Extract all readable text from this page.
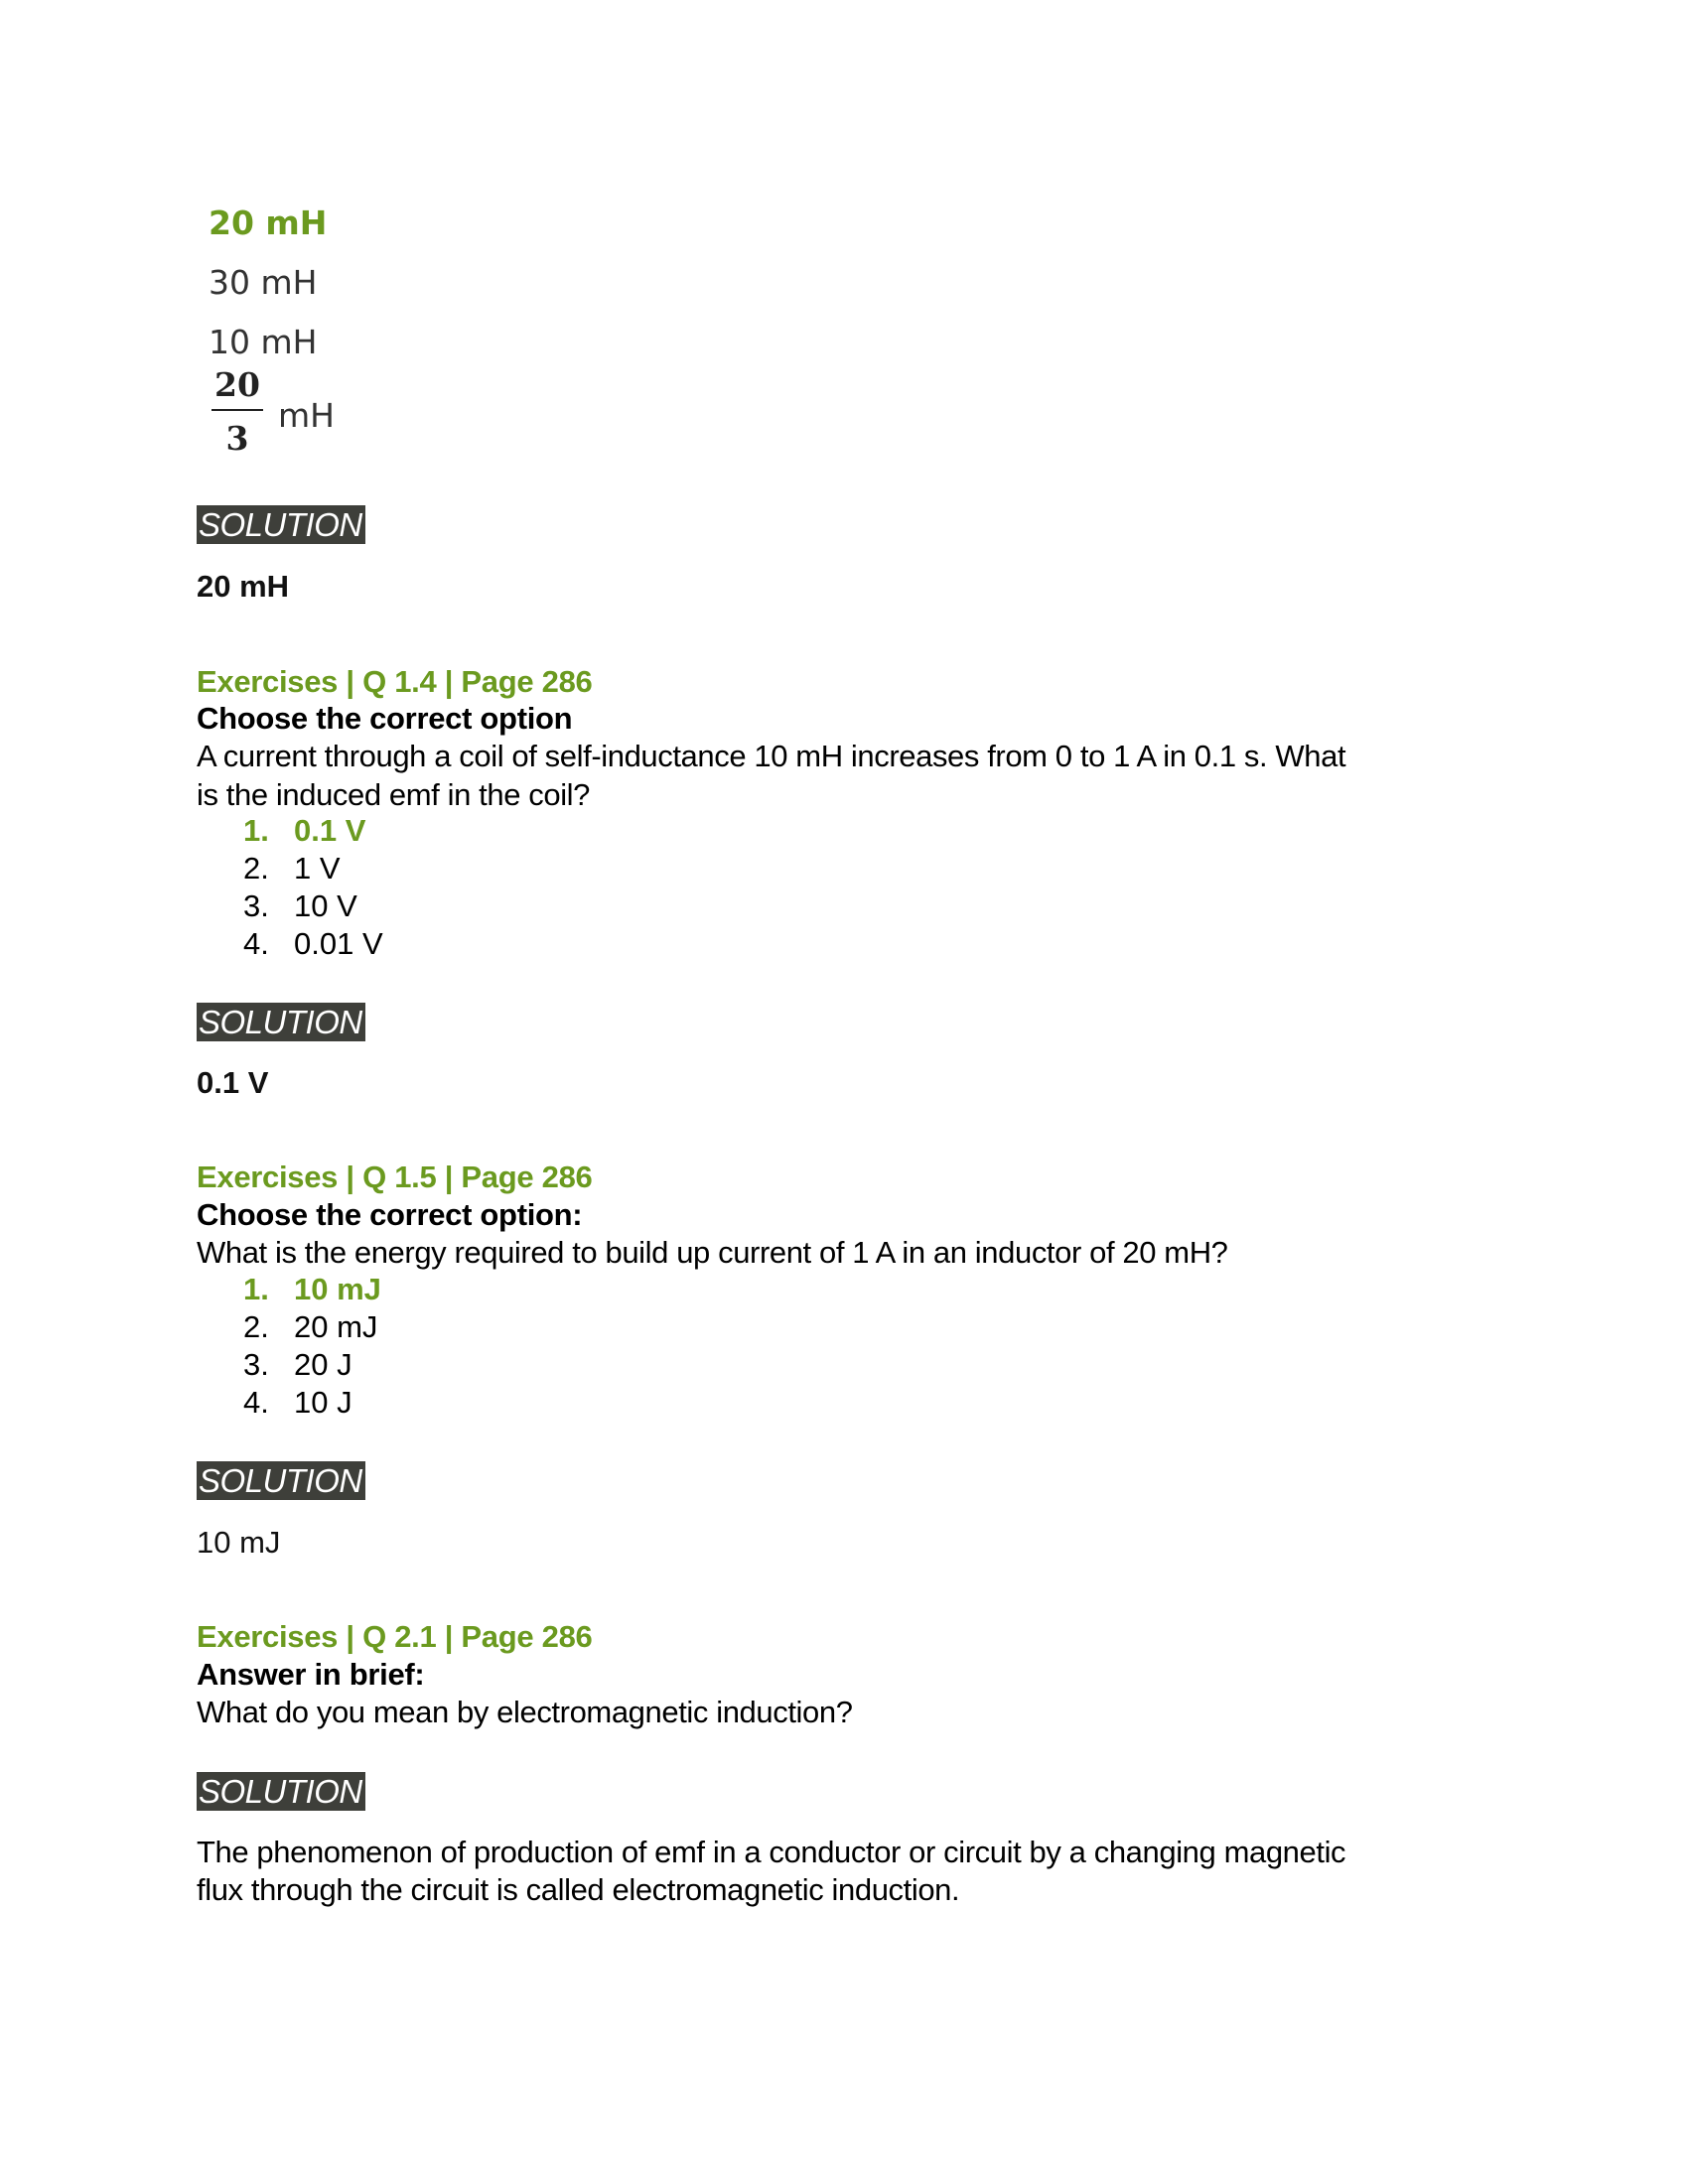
20 mH
30 mH
10 mH
20
3
mH
SOLUTION
20 mH
Exercises | Q 1.4 | Page 286
Choose the correct option
A current through a coil of self-inductance 10 mH increases from 0 to 1 A in 0.1 s. What
is the induced emf in the coil?
1. 0.1 V
2. 1 V
3. 10 V
4. 0.01 V
SOLUTION
0.1 V
Exercises | Q 1.5 | Page 286
Choose the correct option:
What is the energy required to build up current of 1 A in an inductor of 20 mH?
1. 10 mJ
2. 20 mJ
3. 20 J
4. 10 J
SOLUTION
10 mJ
Exercises | Q 2.1 | Page 286
Answer in brief:
What do you mean by electromagnetic induction?
SOLUTION
The phenomenon of production of emf in a conductor or circuit by a changing magnetic
flux through the circuit is called electromagnetic induction.
